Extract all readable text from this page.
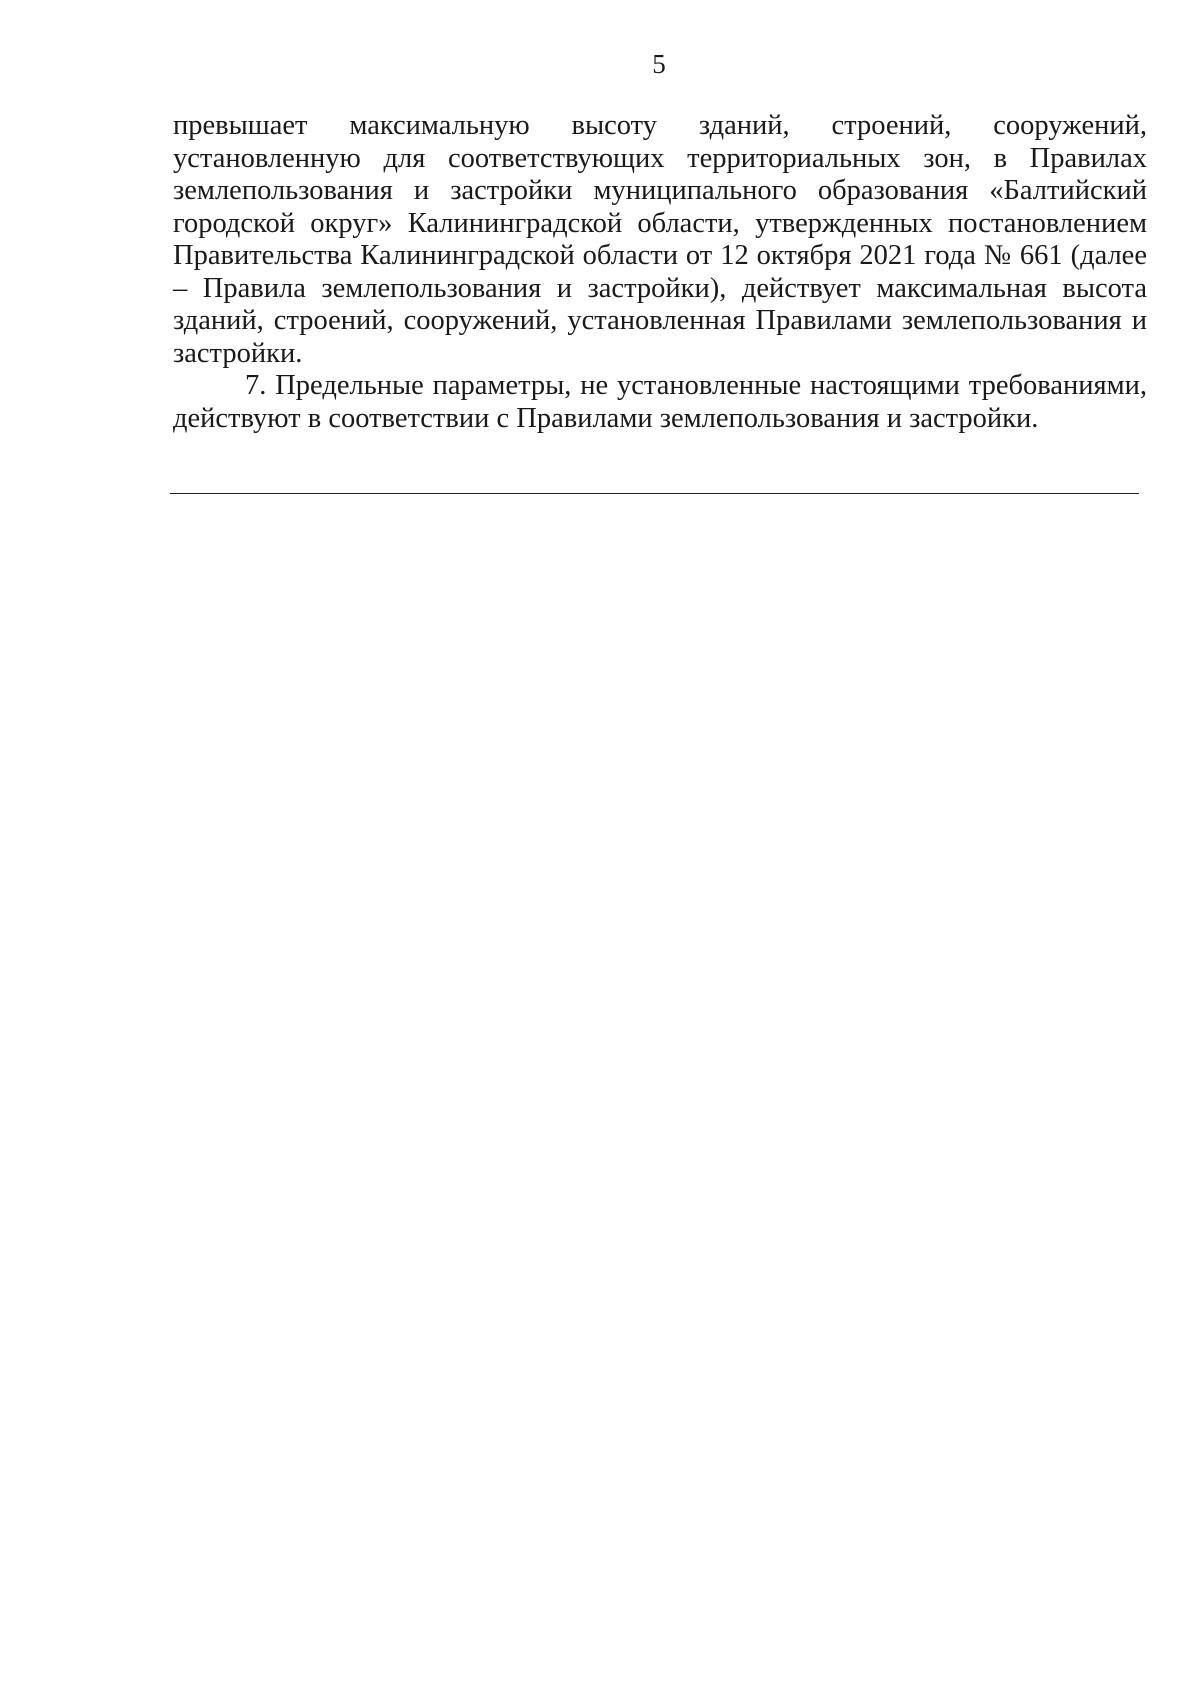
5

превышает максимальную высоту зданий, строений, сооружений, установленную для соответствующих территориальных зон, в Правилах землепользования и застройки муниципального образования «Балтийский городской округ» Калининградской области, утвержденных постановлением Правительства Калининградской области от 12 октября 2021 года № 661 (далее – Правила землепользования и застройки), действует максимальная высота зданий, строений, сооружений, установленная Правилами землепользования и застройки.

7. Предельные параметры, не установленные настоящими требованиями, действуют в соответствии с Правилами землепользования и застройки.
